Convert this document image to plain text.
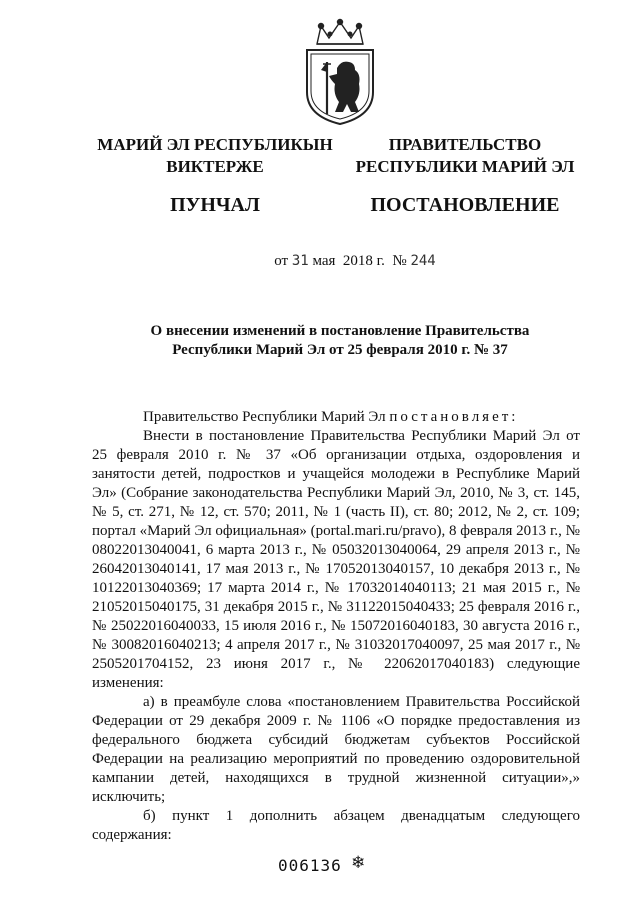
МАРИЙ ЭЛ РЕСПУБЛИКЫН
ВИКТЕРЖЕ
ПУНЧАЛ
ПРАВИТЕЛЬСТВО
РЕСПУБЛИКИ МАРИЙ ЭЛ
ПОСТАНОВЛЕНИЕ
от 31 мая  2018 г.  № 244
О внесении изменений в постановление Правительства
Республики Марий Эл от 25 февраля 2010 г. № 37
Правительство Республики Марий Эл постановляет:
Внести в постановление Правительства Республики Марий Эл от 25 февраля 2010 г. № 37 «Об организации отдыха, оздоровления и занятости детей, подростков и учащейся молодежи в Республике Марий Эл» (Собрание законодательства Республики Марий Эл, 2010, № 3, ст. 145, № 5, ст. 271, № 12, ст. 570; 2011, № 1 (часть II), ст. 80; 2012, № 2, ст. 109; портал «Марий Эл официальная» (portal.mari.ru/pravo), 8 февраля 2013 г., № 08022013040041, 6 марта 2013 г., № 05032013040064, 29 апреля 2013 г., № 26042013040141, 17 мая 2013 г., № 17052013040157, 10 декабря 2013 г., № 10122013040369; 17 марта 2014 г., № 17032014040113; 21 мая 2015 г., № 21052015040175, 31 декабря 2015 г., № 31122015040433; 25 февраля 2016 г., № 25022016040033, 15 июля 2016 г., № 15072016040183, 30 августа 2016 г., № 30082016040213; 4 апреля 2017 г., № 31032017040097, 25 мая 2017 г., № 2505201704152, 23 июня 2017 г., № 22062017040183) следующие изменения:
а) в преамбуле слова «постановлением Правительства Российской Федерации от 29 декабря 2009 г. № 1106 «О порядке предоставления из федерального бюджета субсидий бюджетам субъектов Российской Федерации на реализацию мероприятий по проведению оздоровительной кампании детей, находящихся в трудной жизненной ситуации»,» исключить;
б) пункт 1 дополнить абзацем двенадцатым следующего содержания:
006136 ❄
